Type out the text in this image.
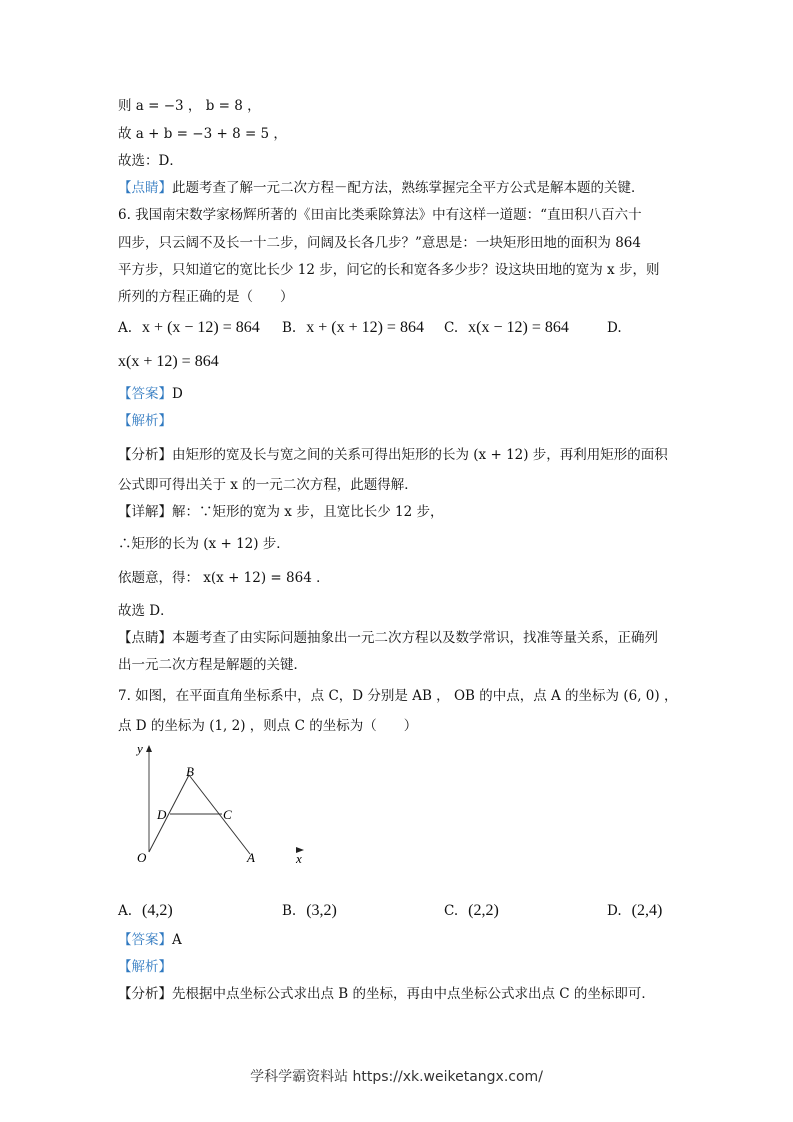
则 a = −3 ， b = 8 ，
故 a + b = −3 + 8 = 5 ，
故选：D．
【点睛】此题考查了解一元二次方程－配方法，熟练掌握完全平方公式是解本题的关键．
6. 我国南宋数学家杨辉所著的《田亩比类乘除算法》中有这样一道题：“直田积八百六十
四步，只云阔不及长一十二步，问阔及长各几步？”意思是：一块矩形田地的面积为 864
平方步，只知道它的宽比长少 12 步，问它的长和宽各多少步？设这块田地的宽为 x 步，则
所列的方程正确的是（　　）
A. x + (x − 12) = 864 B. x + (x + 12) = 864 C. x(x − 12) = 864	D.
x(x + 12) = 864
【答案】D
【解析】
【分析】由矩形的宽及长与宽之间的关系可得出矩形的长为 (x + 12) 步，再利用矩形的面积
公式即可得出关于 x 的一元二次方程，此题得解．
【详解】解：∵矩形的宽为 x 步，且宽比长少 12 步，
∴矩形的长为 (x + 12) 步．
依题意，得： x(x + 12) = 864 ．
故选 D．
【点睛】本题考查了由实际问题抽象出一元二次方程以及数学常识，找准等量关系，正确列
出一元二次方程是解题的关键．
7. 如图，在平面直角坐标系中，点 C，D 分别是 AB ， OB 的中点，点 A 的坐标为 (6, 0) ，
点 D 的坐标为 (1, 2) ，则点 C 的坐标为（　　）
y
B
D	C
O	A	x
A. (4,2)	B. (3,2)	C. (2,2)	D. (2,4)
【答案】A
【解析】
【分析】先根据中点坐标公式求出点 B 的坐标，再由中点坐标公式求出点 C 的坐标即可．
学科学霸资料站 https://xk.weiketangx.com/
